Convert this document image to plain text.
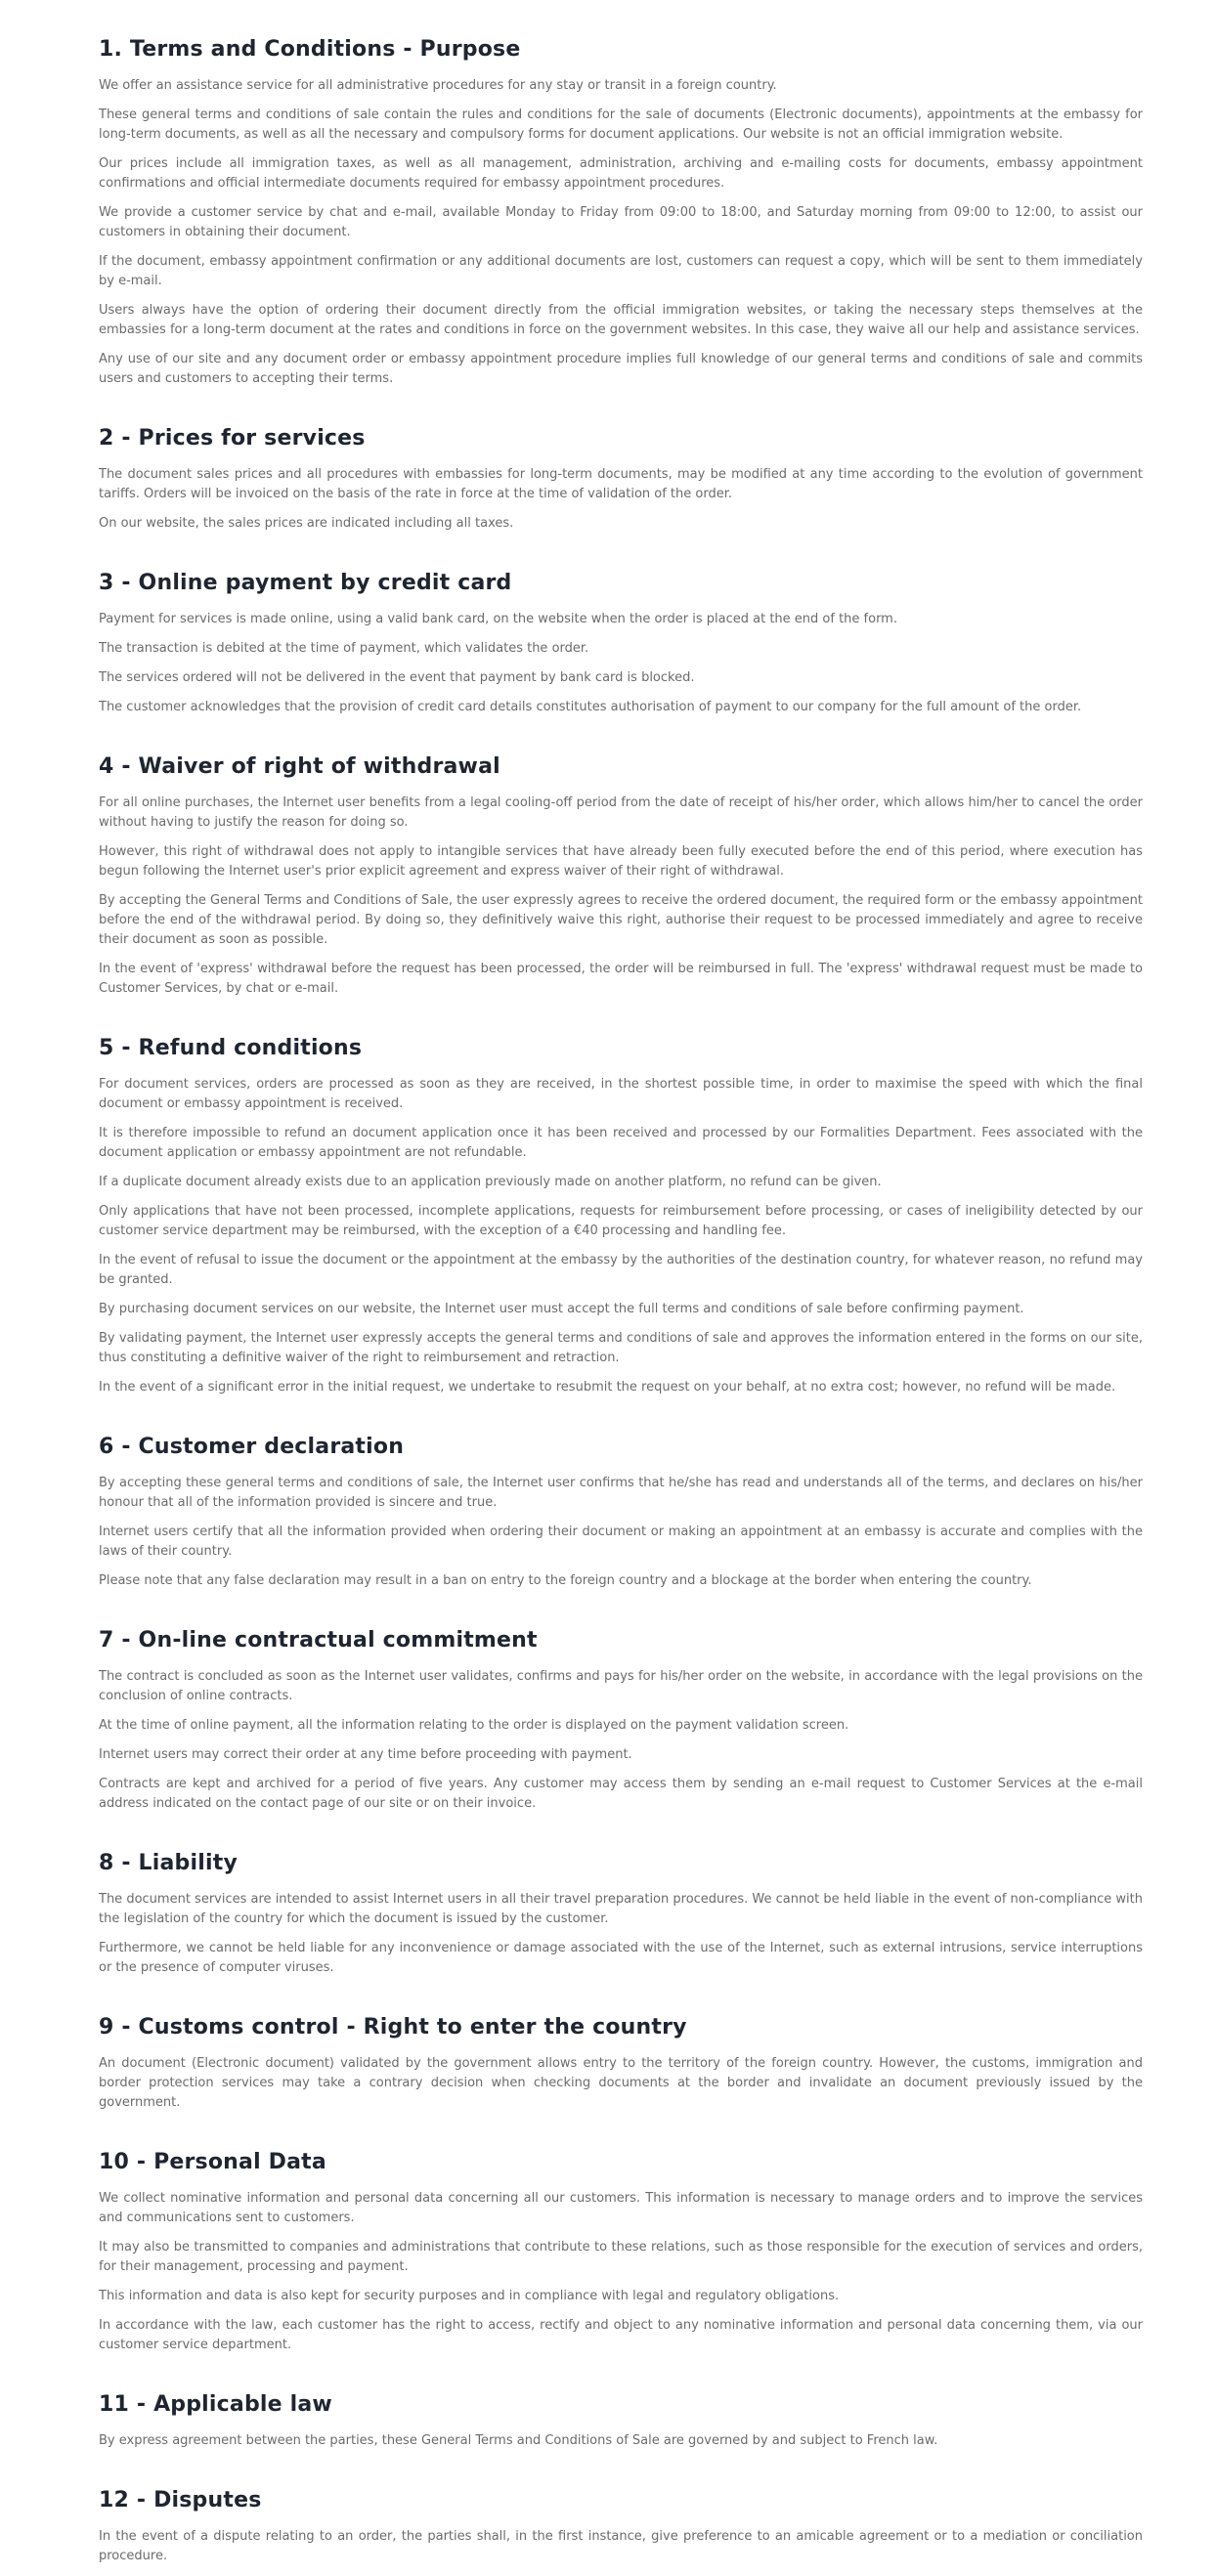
1. Terms and Conditions - Purpose

We offer an assistance service for all administrative procedures for any stay or transit in a foreign country.

These general terms and conditions of sale contain the rules and conditions for the sale of documents (Electronic documents), appointments at the embassy for long-term documents, as well as all the necessary and compulsory forms for document applications. Our website is not an official immigration website.

Our prices include all immigration taxes, as well as all management, administration, archiving and e-mailing costs for documents, embassy appointment confirmations and official intermediate documents required for embassy appointment procedures.

We provide a customer service by chat and e-mail, available Monday to Friday from 09:00 to 18:00, and Saturday morning from 09:00 to 12:00, to assist our customers in obtaining their document.

If the document, embassy appointment confirmation or any additional documents are lost, customers can request a copy, which will be sent to them immediately by e-mail.

Users always have the option of ordering their document directly from the official immigration websites, or taking the necessary steps themselves at the embassies for a long-term document at the rates and conditions in force on the government websites. In this case, they waive all our help and assistance services.

Any use of our site and any document order or embassy appointment procedure implies full knowledge of our general terms and conditions of sale and commits users and customers to accepting their terms.

2 - Prices for services

The document sales prices and all procedures with embassies for long-term documents, may be modified at any time according to the evolution of government tariffs. Orders will be invoiced on the basis of the rate in force at the time of validation of the order.

On our website, the sales prices are indicated including all taxes.

3 - Online payment by credit card

Payment for services is made online, using a valid bank card, on the website when the order is placed at the end of the form.

The transaction is debited at the time of payment, which validates the order.

The services ordered will not be delivered in the event that payment by bank card is blocked.

The customer acknowledges that the provision of credit card details constitutes authorisation of payment to our company for the full amount of the order.

4 - Waiver of right of withdrawal

For all online purchases, the Internet user benefits from a legal cooling-off period from the date of receipt of his/her order, which allows him/her to cancel the order without having to justify the reason for doing so.

However, this right of withdrawal does not apply to intangible services that have already been fully executed before the end of this period, where execution has begun following the Internet user's prior explicit agreement and express waiver of their right of withdrawal.

By accepting the General Terms and Conditions of Sale, the user expressly agrees to receive the ordered document, the required form or the embassy appointment before the end of the withdrawal period. By doing so, they definitively waive this right, authorise their request to be processed immediately and agree to receive their document as soon as possible.

In the event of 'express' withdrawal before the request has been processed, the order will be reimbursed in full. The 'express' withdrawal request must be made to Customer Services, by chat or e-mail.

5 - Refund conditions

For document services, orders are processed as soon as they are received, in the shortest possible time, in order to maximise the speed with which the final document or embassy appointment is received.

It is therefore impossible to refund an document application once it has been received and processed by our Formalities Department. Fees associated with the document application or embassy appointment are not refundable.

If a duplicate document already exists due to an application previously made on another platform, no refund can be given.

Only applications that have not been processed, incomplete applications, requests for reimbursement before processing, or cases of ineligibility detected by our customer service department may be reimbursed, with the exception of a €40 processing and handling fee.

In the event of refusal to issue the document or the appointment at the embassy by the authorities of the destination country, for whatever reason, no refund may be granted.

By purchasing document services on our website, the Internet user must accept the full terms and conditions of sale before confirming payment.

By validating payment, the Internet user expressly accepts the general terms and conditions of sale and approves the information entered in the forms on our site, thus constituting a definitive waiver of the right to reimbursement and retraction.

In the event of a significant error in the initial request, we undertake to resubmit the request on your behalf, at no extra cost; however, no refund will be made.

6 - Customer declaration

By accepting these general terms and conditions of sale, the Internet user confirms that he/she has read and understands all of the terms, and declares on his/her honour that all of the information provided is sincere and true.

Internet users certify that all the information provided when ordering their document or making an appointment at an embassy is accurate and complies with the laws of their country.

Please note that any false declaration may result in a ban on entry to the foreign country and a blockage at the border when entering the country.

7 - On-line contractual commitment

The contract is concluded as soon as the Internet user validates, confirms and pays for his/her order on the website, in accordance with the legal provisions on the conclusion of online contracts.

At the time of online payment, all the information relating to the order is displayed on the payment validation screen.

Internet users may correct their order at any time before proceeding with payment.

Contracts are kept and archived for a period of five years. Any customer may access them by sending an e-mail request to Customer Services at the e-mail address indicated on the contact page of our site or on their invoice.

8 - Liability

The document services are intended to assist Internet users in all their travel preparation procedures. We cannot be held liable in the event of non-compliance with the legislation of the country for which the document is issued by the customer.

Furthermore, we cannot be held liable for any inconvenience or damage associated with the use of the Internet, such as external intrusions, service interruptions or the presence of computer viruses.

9 - Customs control - Right to enter the country

An document (Electronic document) validated by the government allows entry to the territory of the foreign country. However, the customs, immigration and border protection services may take a contrary decision when checking documents at the border and invalidate an document previously issued by the government.

10 - Personal Data

We collect nominative information and personal data concerning all our customers. This information is necessary to manage orders and to improve the services and communications sent to customers.

It may also be transmitted to companies and administrations that contribute to these relations, such as those responsible for the execution of services and orders, for their management, processing and payment.

This information and data is also kept for security purposes and in compliance with legal and regulatory obligations.

In accordance with the law, each customer has the right to access, rectify and object to any nominative information and personal data concerning them, via our customer service department.

11 - Applicable law

By express agreement between the parties, these General Terms and Conditions of Sale are governed by and subject to French law.

12 - Disputes

In the event of a dispute relating to an order, the parties shall, in the first instance, give preference to an amicable agreement or to a mediation or conciliation procedure.
